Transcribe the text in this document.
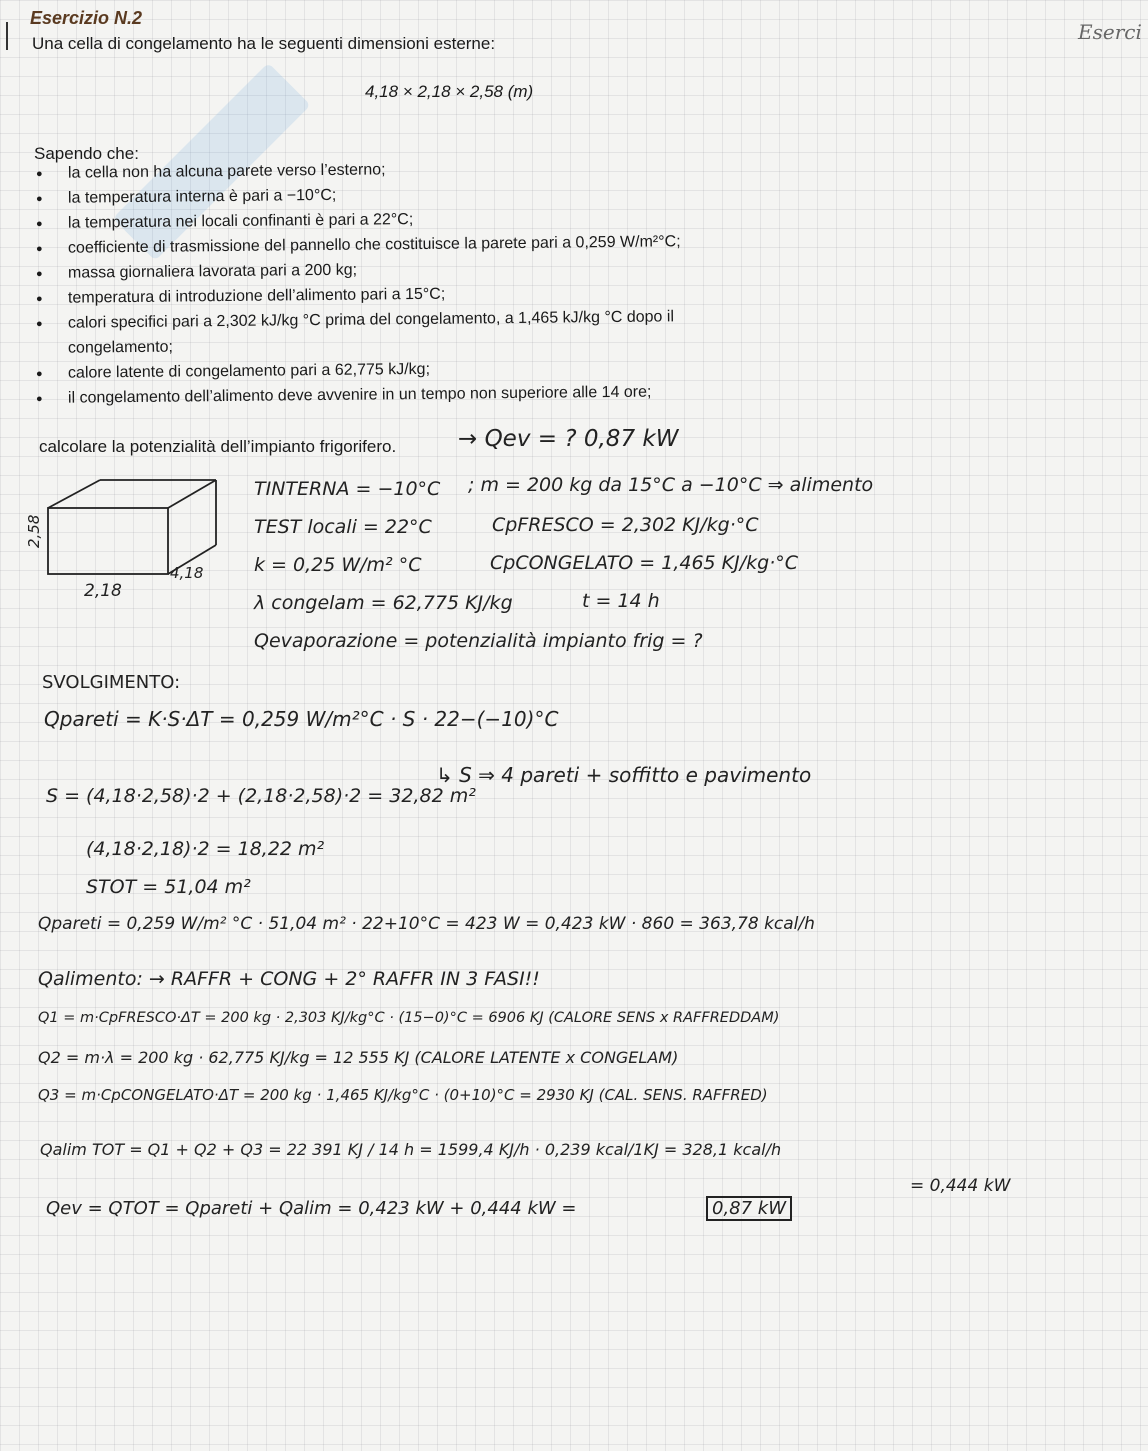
Esercizio N.2
Eserci
Una cella di congelamento ha le seguenti dimensioni esterne:
4,18 × 2,18 × 2,58 (m)
Sapendo che:
● la cella non ha alcuna parete verso l’esterno;
● la temperatura interna è pari a −10°C;
● la temperatura nei locali confinanti è pari a 22°C;
● coefficiente di trasmissione del pannello che costituisce la parete pari a 0,259 W/m²°C;
● massa giornaliera lavorata pari a 200 kg;
● temperatura di introduzione dell’alimento pari a 15°C;
● calori specifici pari a 2,302 kJ/kg °C prima del congelamento, a 1,465 kJ/kg °C dopo il
congelamento;
● calore latente di congelamento pari a 62,775 kJ/kg;
● il congelamento dell’alimento deve avvenire in un tempo non superiore alle 14 ore;
calcolare la potenzialità dell’impianto frigorifero.	→ Qev = ? 0,87 kW
2,58
2,18
4,18
TINTERNA = −10°C ; m = 200 kg da 15°C a −10°C ⇒ alimento
TEST locali = 22°C	CpFRESCO = 2,302 KJ/kg·°C
k = 0,25 W/m² °C	CpCONGELATO = 1,465 KJ/kg·°C
λ congelam = 62,775 KJ/kg	t = 14 h
Qevaporazione = potenzialità impianto frig = ?
SVOLGIMENTO:
Qpareti = K·S·ΔT = 0,259 W/m²°C · S · 22−(−10)°C
↳ S ⇒ 4 pareti + soffitto e pavimento
S = (4,18·2,58)·2 + (2,18·2,58)·2 = 32,82 m²
(4,18·2,18)·2 = 18,22 m²
STOT = 51,04 m²
Qpareti = 0,259 W/m² °C · 51,04 m² · 22+10°C = 423 W = 0,423 kW · 860 = 363,78 kcal/h
Qalimento: → RAFFR + CONG + 2° RAFFR IN 3 FASI!!
Q1 = m·CpFRESCO·ΔT = 200 kg · 2,303 KJ/kg°C · (15−0)°C = 6906 KJ (CALORE SENS x RAFFREDDAM)
Q2 = m·λ = 200 kg · 62,775 KJ/kg = 12 555 KJ (CALORE LATENTE x CONGELAM)
Q3 = m·CpCONGELATO·ΔT = 200 kg · 1,465 KJ/kg°C · (0+10)°C = 2930 KJ (CAL. SENS. RAFFRED)
Qalim TOT = Q1 + Q2 + Q3 = 22 391 KJ / 14 h = 1599,4 KJ/h · 0,239 kcal/1KJ = 328,1 kcal/h
= 0,444 kW
Qev = QTOT = Qpareti + Qalim = 0,423 kW + 0,444 kW =	0,87 kW
